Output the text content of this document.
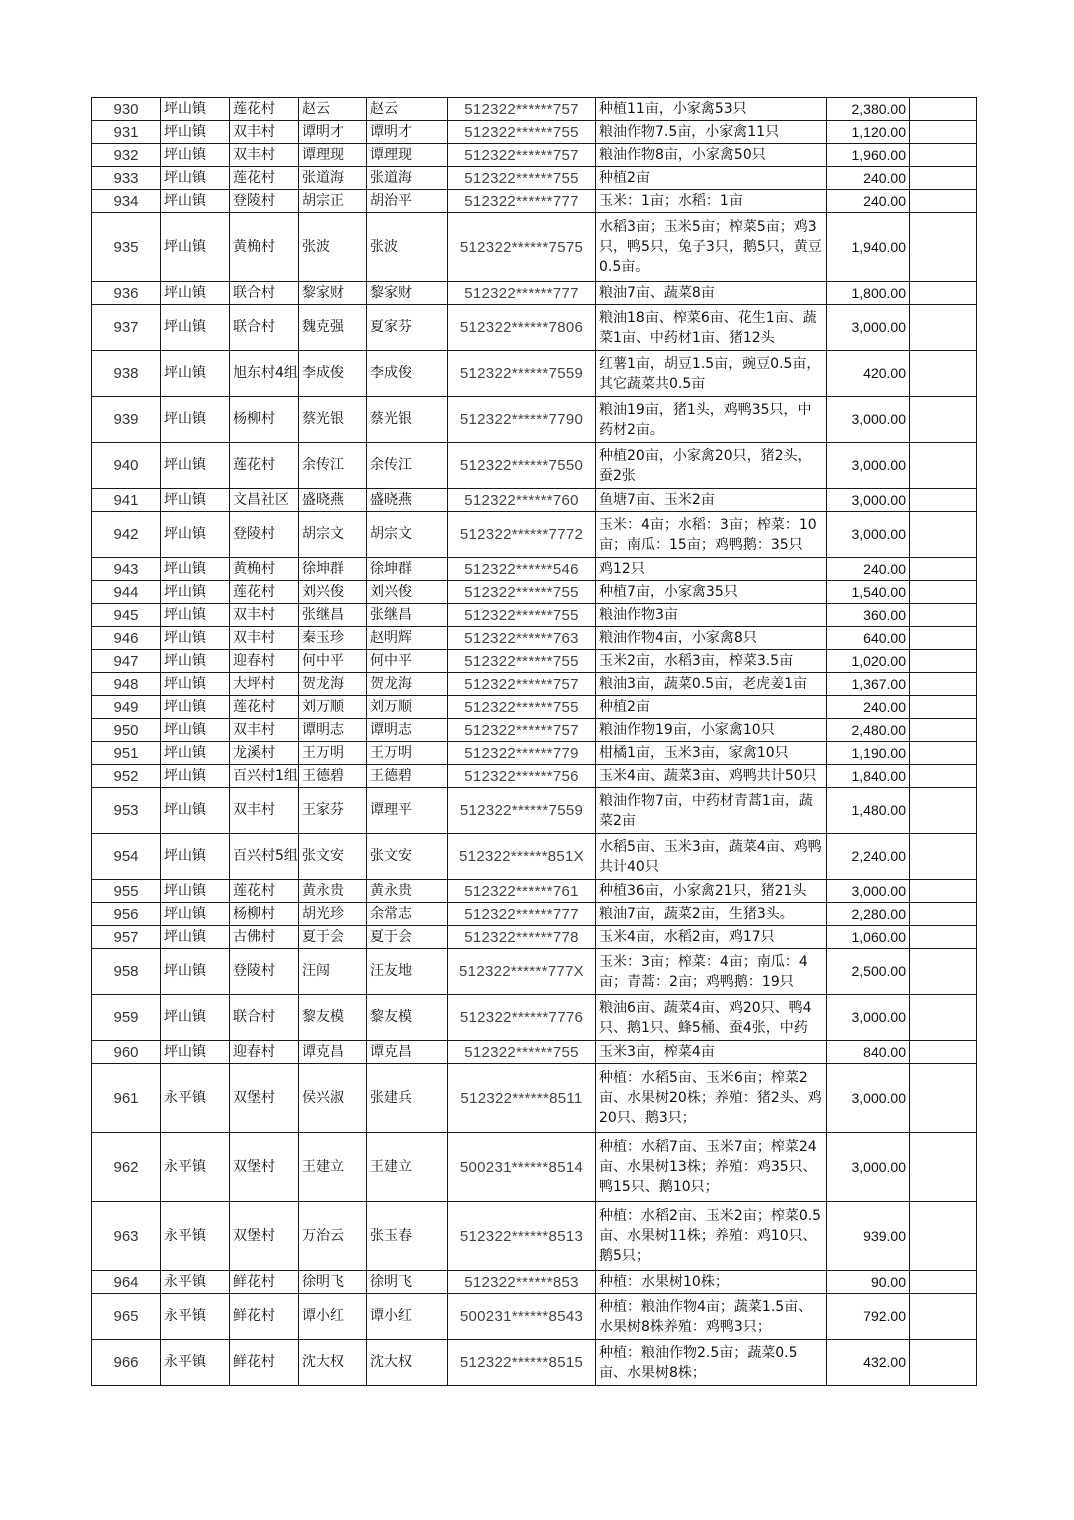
930	坪山镇	莲花村	赵云	赵云	512322******757	种植11亩，小家禽53只	2,380.00	
931	坪山镇	双丰村	谭明才	谭明才	512322******755	粮油作物7.5亩，小家禽11只	1,120.00	
932	坪山镇	双丰村	谭理现	谭理现	512322******757	粮油作物8亩，小家禽50只	1,960.00	
933	坪山镇	莲花村	张道海	张道海	512322******755	种植2亩	240.00	
934	坪山镇	登陵村	胡宗正	胡治平	512322******777	玉米：1亩；水稻：1亩	240.00	
935	坪山镇	黄桷村	张波	张波	512322******7575	水稻3亩；玉米5亩；榨菜5亩；鸡3只，鸭5只，兔子3只，鹅5只，黄豆0.5亩。	1,940.00	
936	坪山镇	联合村	黎家财	黎家财	512322******777	粮油7亩、蔬菜8亩	1,800.00	
937	坪山镇	联合村	魏克强	夏家芬	512322******7806	粮油18亩、榨菜6亩、花生1亩、蔬菜1亩、中药材1亩、猪12头	3,000.00	
938	坪山镇	旭东村4组	李成俊	李成俊	512322******7559	红薯1亩，胡豆1.5亩，豌豆0.5亩，其它蔬菜共0.5亩	420.00	
939	坪山镇	杨柳村	蔡光银	蔡光银	512322******7790	粮油19亩，猪1头，鸡鸭35只，中药材2亩。	3,000.00	
940	坪山镇	莲花村	余传江	余传江	512322******7550	种植20亩，小家禽20只，猪2头，蚕2张	3,000.00	
941	坪山镇	文昌社区	盛晓燕	盛晓燕	512322******760	鱼塘7亩、玉米2亩	3,000.00	
942	坪山镇	登陵村	胡宗文	胡宗文	512322******7772	玉米：4亩；水稻：3亩；榨菜：10亩；南瓜：15亩；鸡鸭鹅：35只	3,000.00	
943	坪山镇	黄桷村	徐坤群	徐坤群	512322******546	鸡12只	240.00	
944	坪山镇	莲花村	刘兴俊	刘兴俊	512322******755	种植7亩，小家禽35只	1,540.00	
945	坪山镇	双丰村	张继昌	张继昌	512322******755	粮油作物3亩	360.00	
946	坪山镇	双丰村	秦玉珍	赵明辉	512322******763	粮油作物4亩，小家禽8只	640.00	
947	坪山镇	迎春村	何中平	何中平	512322******755	玉米2亩，水稻3亩，榨菜3.5亩	1,020.00	
948	坪山镇	大坪村	贺龙海	贺龙海	512322******757	粮油3亩，蔬菜0.5亩，老虎姜1亩	1,367.00	
949	坪山镇	莲花村	刘万顺	刘万顺	512322******755	种植2亩	240.00	
950	坪山镇	双丰村	谭明志	谭明志	512322******757	粮油作物19亩，小家禽10只	2,480.00	
951	坪山镇	龙溪村	王万明	王万明	512322******779	柑橘1亩，玉米3亩，家禽10只	1,190.00	
952	坪山镇	百兴村1组	王德碧	王德碧	512322******756	玉米4亩、蔬菜3亩、鸡鸭共计50只	1,840.00	
953	坪山镇	双丰村	王家芬	谭理平	512322******7559	粮油作物7亩，中药材青蒿1亩，蔬菜2亩	1,480.00	
954	坪山镇	百兴村5组	张文安	张文安	512322******851X	水稻5亩、玉米3亩，蔬菜4亩、鸡鸭共计40只	2,240.00	
955	坪山镇	莲花村	黄永贵	黄永贵	512322******761	种植36亩，小家禽21只，猪21头	3,000.00	
956	坪山镇	杨柳村	胡光珍	余常志	512322******777	粮油7亩，蔬菜2亩，生猪3头。	2,280.00	
957	坪山镇	古佛村	夏于会	夏于会	512322******778	玉米4亩，水稻2亩，鸡17只	1,060.00	
958	坪山镇	登陵村	汪闯	汪友地	512322******777X	玉米：3亩；榨菜：4亩；南瓜：4亩；青蒿：2亩；鸡鸭鹅：19只	2,500.00	
959	坪山镇	联合村	黎友模	黎友模	512322******7776	粮油6亩、蔬菜4亩、鸡20只、鸭4只、鹅1只、蜂5桶、蚕4张，中药	3,000.00	
960	坪山镇	迎春村	谭克昌	谭克昌	512322******755	玉米3亩，榨菜4亩	840.00	
961	永平镇	双堡村	侯兴淑	张建兵	512322******8511	种植：水稻5亩、玉米6亩；榨菜2亩、水果树20株；养殖：猪2头、鸡20只、鹅3只；	3,000.00	
962	永平镇	双堡村	王建立	王建立	500231******8514	种植：水稻7亩、玉米7亩；榨菜24亩、水果树13株；养殖：鸡35只、鸭15只、鹅10只；	3,000.00	
963	永平镇	双堡村	万治云	张玉春	512322******8513	种植：水稻2亩、玉米2亩；榨菜0.5亩、水果树11株；养殖：鸡10只、鹅5只；	939.00	
964	永平镇	鲜花村	徐明飞	徐明飞	512322******853	种植：水果树10株；	90.00	
965	永平镇	鲜花村	谭小红	谭小红	500231******8543	种植：粮油作物4亩；蔬菜1.5亩、水果树8株养殖：鸡鸭3只；	792.00	
966	永平镇	鲜花村	沈大权	沈大权	512322******8515	种植：粮油作物2.5亩；蔬菜0.5亩、水果树8株；	432.00	
